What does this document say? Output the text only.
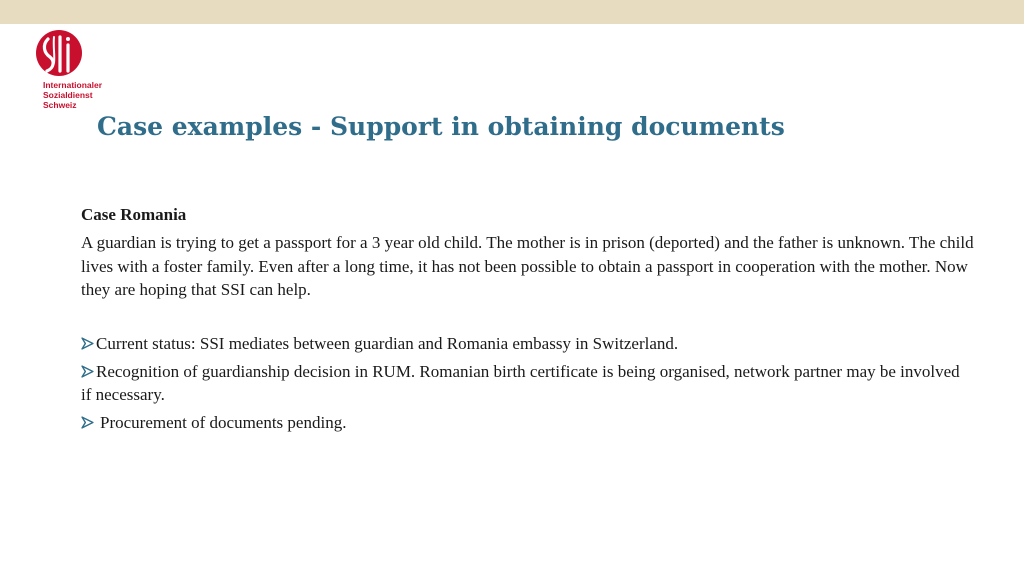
Internationaler
Sozialdienst
Schweiz
Case examples - Support in obtaining documents

Case Romania

A guardian is trying to get a passport for a 3 year old child. The mother is in prison (deported) and the father is unknown. The child lives with a foster family. Even after a long time, it has not been possible to obtain a passport in cooperation with the mother. Now they are hoping that SSI can help.

Current status: SSI mediates between guardian and Romania embassy in Switzerland.
Recognition of guardianship decision in RUM. Romanian birth certificate is being organised, network partner may be involved if necessary.
Procurement of documents pending.
